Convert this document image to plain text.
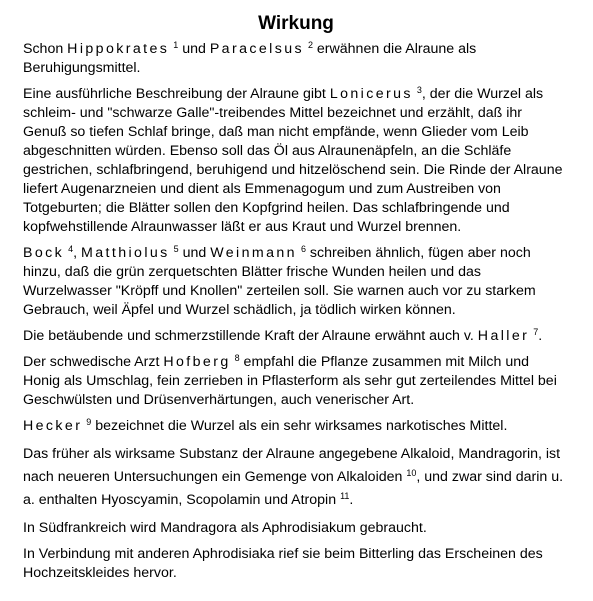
Wirkung

Schon Hippokrates $^1$ und Paracelsus $^2$ erwähnen die Alraune als Beruhigungsmittel.

Eine ausführliche Beschreibung der Alraune gibt Lonicerus $^3$, der die Wurzel als schleim- und "schwarze Galle"-treibendes Mittel bezeichnet und erzählt, daß ihr Genuß so tiefen Schlaf bringe, daß man nicht empfände, wenn Glieder vom Leib abgeschnitten würden. Ebenso soll das Öl aus Alraunenäpfeln, an die Schläfe gestrichen, schlafbringend, beruhigend und hitzelöschend sein. Die Rinde der Alraune liefert Augenarzneien und dient als Emmenagogum und zum Austreiben von Totgeburten; die Blätter sollen den Kopfgrind heilen. Das schlafbringende und kopfwehstillende Alraunwasser läßt er aus Kraut und Wurzel brennen.

Bock $^4$, Matthiolus $^5$ und Weinmann $^6$ schreiben ähnlich, fügen aber noch hinzu, daß die grün zerquetschten Blätter frische Wunden heilen und das Wurzelwasser "Kröpff und Knollen" zerteilen soll. Sie warnen auch vor zu starkem Gebrauch, weil Äpfel und Wurzel schädlich, ja tödlich wirken können.

Die betäubende und schmerzstillende Kraft der Alraune erwähnt auch v. Haller $^7$.

Der schwedische Arzt Hofberg $^8$ empfahl die Pflanze zusammen mit Milch und Honig als Umschlag, fein zerrieben in Pflasterform als sehr gut zerteilendes Mittel bei Geschwülsten und Drüsenverhärtungen, auch venerischer Art.

Hecker $^9$ bezeichnet die Wurzel als ein sehr wirksames narkotisches Mittel.

Das früher als wirksame Substanz der Alraune angegebene Alkaloid, Mandragorin, ist nach neueren Untersuchungen ein Gemenge von Alkaloiden $^{10}$, und zwar sind darin u. a. enthalten Hyoscyamin, Scopolamin und Atropin $^{11}$.

In Südfrankreich wird Mandragora als Aphrodisiakum gebraucht.

In Verbindung mit anderen Aphrodisiaka rief sie beim Bitterling das Erscheinen des Hochzeitskleides hervor.
